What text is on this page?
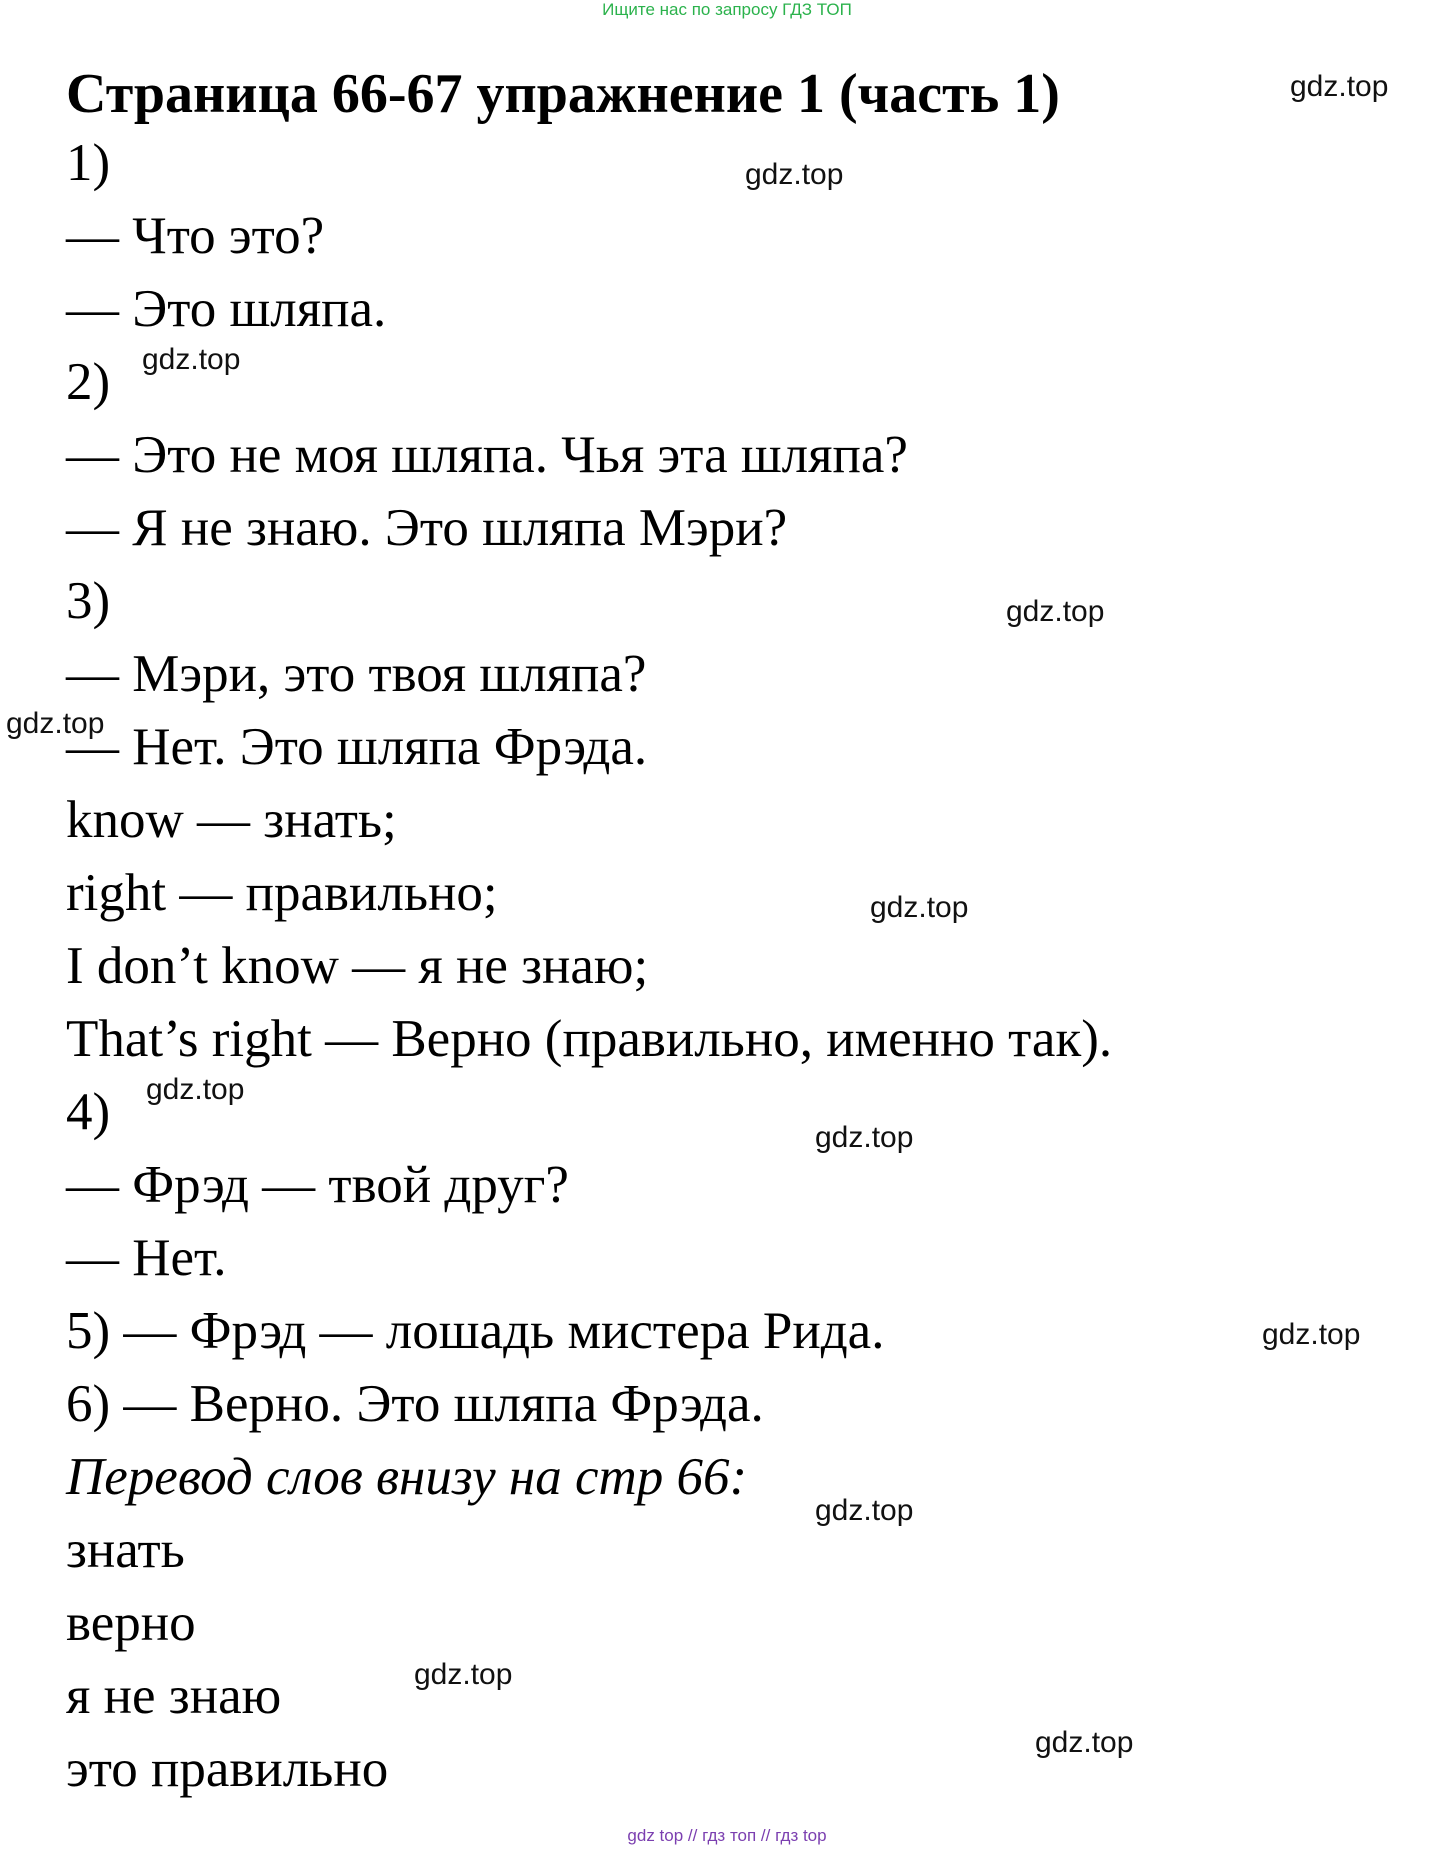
Ищите нас по запросу ГДЗ ТОП
Страница 66-67 упражнение 1 (часть 1)

1)

— Что это?

— Это шляпа.

2)

— Это не моя шляпа. Чья эта шляпа?

— Я не знаю. Это шляпа Мэри?

3)

— Мэри, это твоя шляпа?

— Нет. Это шляпа Фрэда.

know — знать;

right — правильно;

I don’t know — я не знаю;

That’s right — Верно (правильно, именно так).

4)

— Фрэд — твой друг?

— Нет.

5) — Фрэд — лошадь мистера Рида.

6) — Верно. Это шляпа Фрэда.

Перевод слов внизу на стр 66:

знать

верно

я не знаю

это правильно

gdz.top
gdz.top
gdz.top
gdz.top
gdz.top
gdz.top
gdz.top
gdz.top
gdz.top
gdz.top
gdz.top
gdz.top
gdz top // гдз топ // гдз top
